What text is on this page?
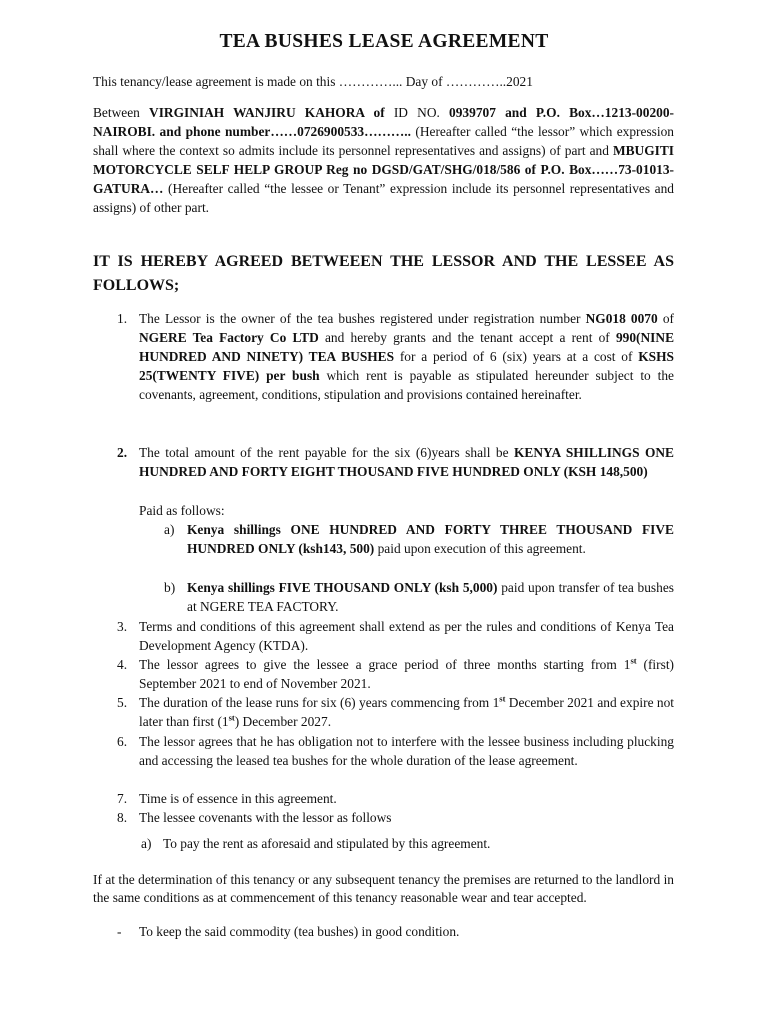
TEA BUSHES LEASE AGREEMENT
This tenancy/lease agreement is made on this …………... Day of …………..2021
Between VIRGINIAH WANJIRU KAHORA of ID NO. 0939707 and P.O. Box…1213-00200- NAIROBI. and phone number……0726900533……….. (Hereafter called “the lessor” which expression shall where the context so admits include its personnel representatives and assigns) of part and MBUGITI MOTORCYCLE SELF HELP GROUP Reg no DGSD/GAT/SHG/018/586 of P.O. Box……73-01013-GATURA… (Hereafter called “the lessee or Tenant” expression include its personnel representatives and assigns) of other part.
IT IS HEREBY AGREED BETWEEEN THE LESSOR AND THE LESSEE AS FOLLOWS;
1. The Lessor is the owner of the tea bushes registered under registration number NG018 0070 of NGERE Tea Factory Co LTD and hereby grants and the tenant accept a rent of 990(NINE HUNDRED AND NINETY) TEA BUSHES for a period of 6 (six) years at a cost of KSHS 25(TWENTY FIVE) per bush which rent is payable as stipulated hereunder subject to the covenants, agreement, conditions, stipulation and provisions contained hereinafter.
2. The total amount of the rent payable for the six (6)years shall be KENYA SHILLINGS ONE HUNDRED AND FORTY EIGHT THOUSAND FIVE HUNDRED ONLY (KSH 148,500)
Paid as follows:
a) Kenya shillings ONE HUNDRED AND FORTY THREE THOUSAND FIVE HUNDRED ONLY (ksh143, 500) paid upon execution of this agreement.
b) Kenya shillings FIVE THOUSAND ONLY (ksh 5,000) paid upon transfer of tea bushes at NGERE TEA FACTORY.
3. Terms and conditions of this agreement shall extend as per the rules and conditions of Kenya Tea Development Agency (KTDA).
4. The lessor agrees to give the lessee a grace period of three months starting from 1st (first) September 2021 to end of November 2021.
5. The duration of the lease runs for six (6) years commencing from 1st December 2021 and expire not later than first (1st) December 2027.
6. The lessor agrees that he has obligation not to interfere with the lessee business including plucking and accessing the leased tea bushes for the whole duration of the lease agreement.
7. Time is of essence in this agreement.
8. The lessee covenants with the lessor as follows
a) To pay the rent as aforesaid and stipulated by this agreement.
If at the determination of this tenancy or any subsequent tenancy the premises are returned to the landlord in the same conditions as at commencement of this tenancy reasonable wear and tear accepted.
- To keep the said commodity (tea bushes) in good condition.
